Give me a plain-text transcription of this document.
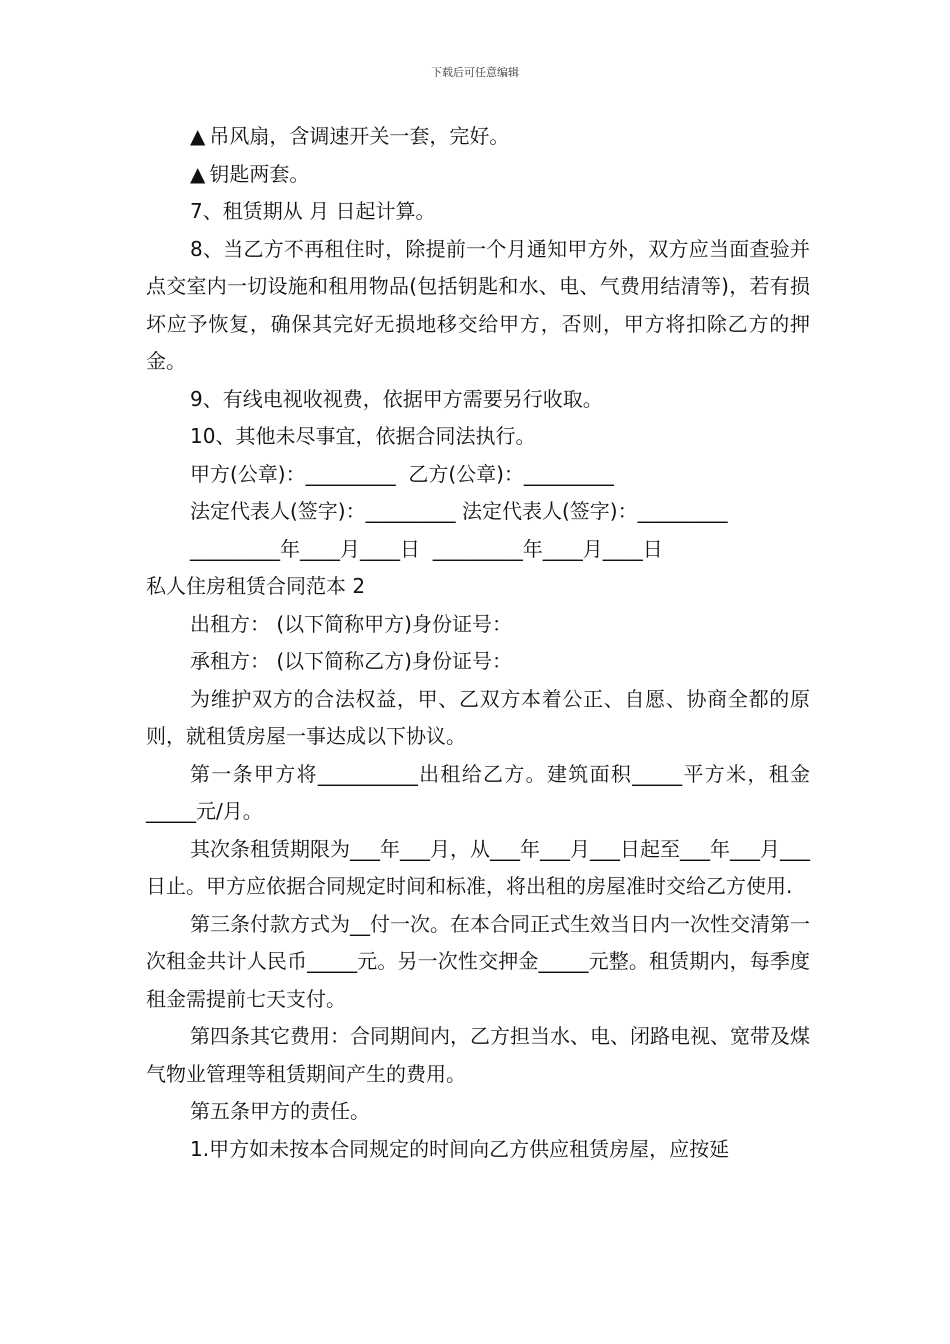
下载后可任意编辑

▲ 吊风扇，含调速开关一套，完好。

▲ 钥匙两套。

7、租赁期从 月 日起计算。

8、当乙方不再租住时，除提前一个月通知甲方外，双方应当面查验并点交室内一切设施和租用物品(包括钥匙和水、电、气费用结清等)，若有损坏应予恢复，确保其完好无损地移交给甲方，否则，甲方将扣除乙方的押金。

9、有线电视收视费，依据甲方需要另行收取。

10、其他未尽事宜，依据合同法执行。

甲方(公章)：_________  乙方(公章)：_________

法定代表人(签字)：_________ 法定代表人(签字)：_________

_________年____月____日  _________年____月____日

私人住房租赁合同范本 2

出租方： (以下简称甲方)身份证号：

承租方： (以下简称乙方)身份证号：

为维护双方的合法权益，甲、乙双方本着公正、自愿、协商全都的原则，就租赁房屋一事达成以下协议。

第一条甲方将__________出租给乙方。建筑面积_____平方米，租金_____元/月。

其次条租赁期限为___年___月，从___年___月___日起至___年___月___日止。甲方应依据合同规定时间和标准，将出租的房屋准时交给乙方使用.

第三条付款方式为__付一次。在本合同正式生效当日内一次性交清第一次租金共计人民币_____元。另一次性交押金_____元整。租赁期内，每季度租金需提前七天支付。

第四条其它费用：合同期间内，乙方担当水、电、闭路电视、宽带及煤气物业管理等租赁期间产生的费用。

第五条甲方的责任。

1.甲方如未按本合同规定的时间向乙方供应租赁房屋，应按延
